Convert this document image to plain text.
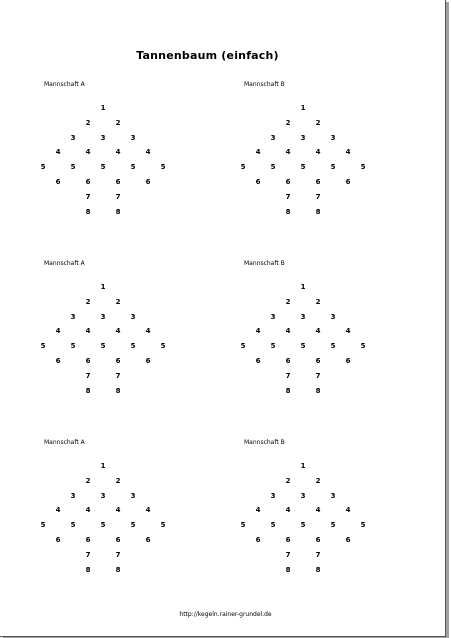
Tannenbaum (einfach)
Mannschaft A
1
2	2
3	3	3
4	4	4	4
5	5	5	5	5
6	6	6	6
7	7
8	8
Mannschaft B
1
2	2
3	3	3
4	4	4	4
5	5	5	5	5
6	6	6	6
7	7
8	8
Mannschaft A
1
2	2
3	3	3
4	4	4	4
5	5	5	5	5
6	6	6	6
7	7
8	8
Mannschaft B
1
2	2
3	3	3
4	4	4	4
5	5	5	5	5
6	6	6	6
7	7
8	8
Mannschaft A
1
2	2
3	3	3
4	4	4	4
5	5	5	5	5
6	6	6	6
7	7
8	8
Mannschaft B
1
2	2
3	3	3
4	4	4	4
5	5	5	5	5
6	6	6	6
7	7
8	8
http://kegeln.rainer-grundel.de
